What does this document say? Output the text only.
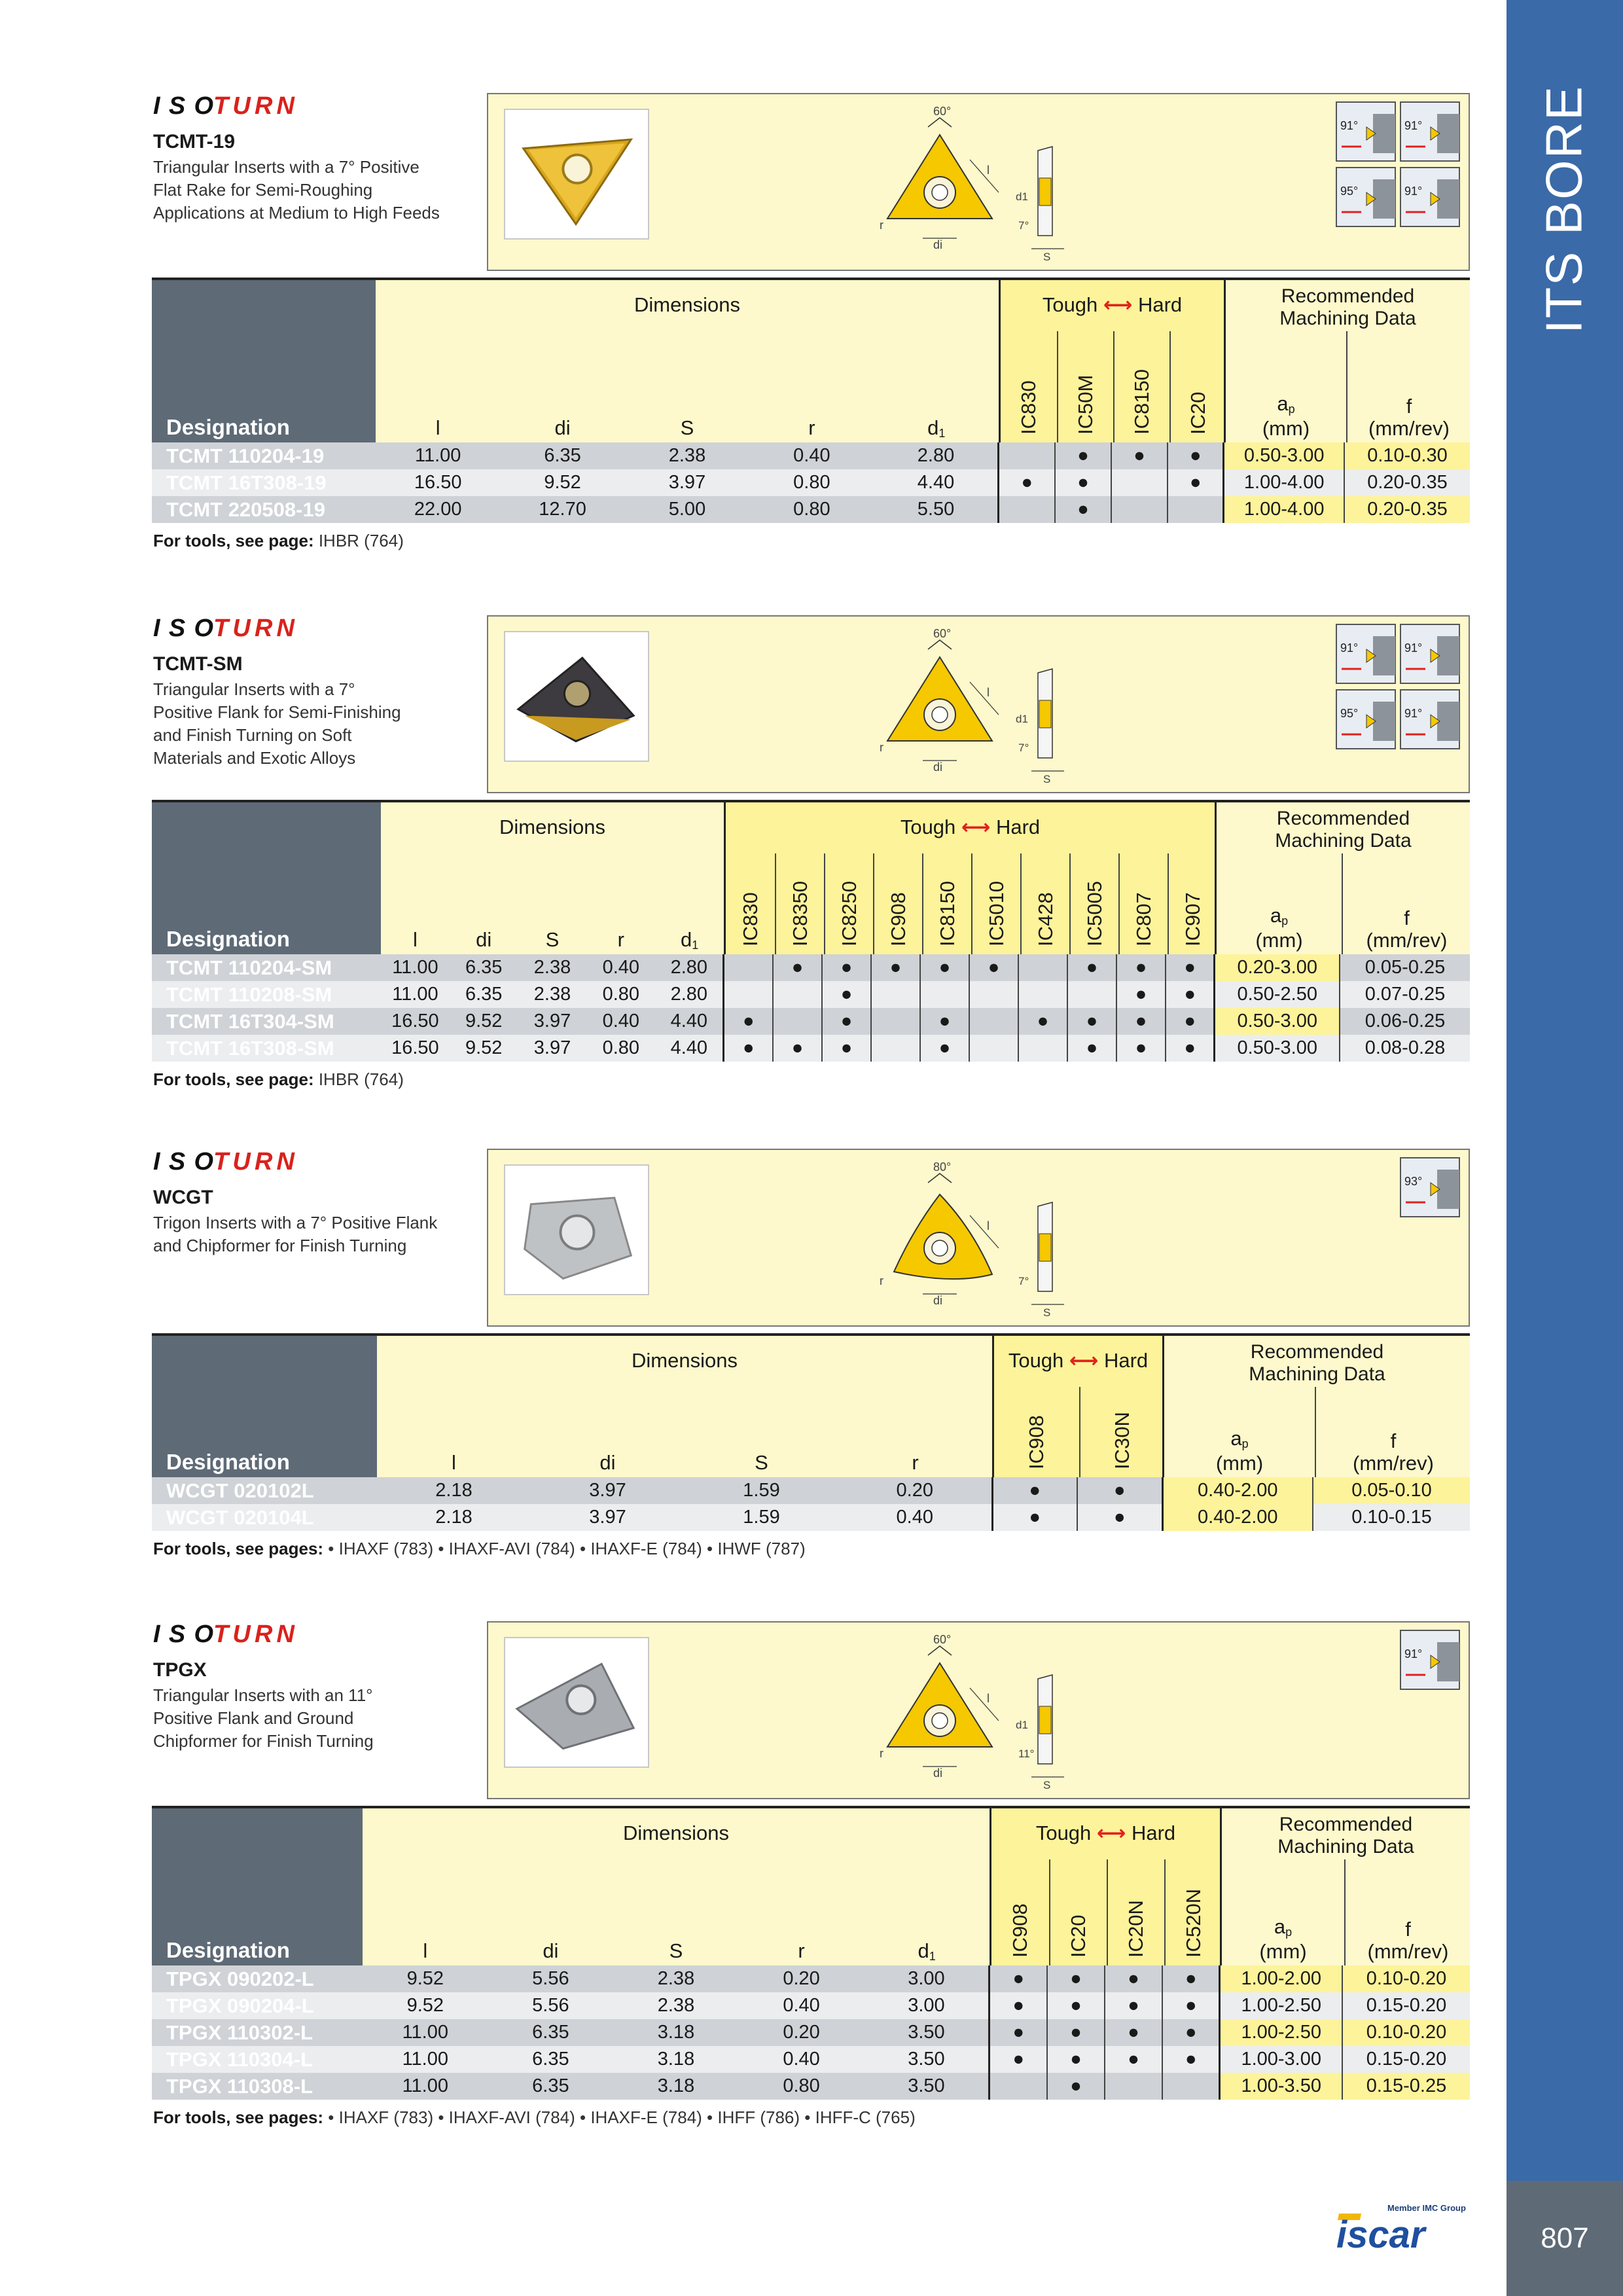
ITS BORE
807
Member IMC Group
iscar
ISO TURN
TCMT-19
Triangular Inserts with a 7° Positive
Flat Rake for Semi-Roughing
Applications at Medium to High Feeds
60°
l
r
di
d1
7°
S
91°	91°
95°	91°
Designation
Dimensions
l	di	S	r	$d_1$
Tough ⟷ Hard
IC830 IC50M IC8150 IC20
Recommended
Machining Data
$a_p$
(mm)
f
(mm/rev)
TCMT 110204-19	11.00	6.35	2.38	0.40	2.80		●	●	●	0.50-3.00	0.10-0.30
TCMT 16T308-19	16.50	9.52	3.97	0.80	4.40	●	●		●	1.00-4.00	0.20-0.35
TCMT 220508-19	22.00	12.70	5.00	0.80	5.50		●			1.00-4.00	0.20-0.35
For tools, see page: IHBR (764)
ISO TURN
TCMT-SM
Triangular Inserts with a 7°
Positive Flank for Semi-Finishing
and Finish Turning on Soft
Materials and Exotic Alloys
60°
l
r
di
d1
7°
S
91°	91°
95°	91°
Designation
Dimensions
l	di	S	r	$d_1$
Tough ⟷ Hard
IC830 IC8350 IC8250 IC908 IC8150 IC5010 IC428 IC5005 IC807 IC907
Recommended
Machining Data
$a_p$
(mm)
f
(mm/rev)
TCMT 110204-SM	11.00	6.35	2.38	0.40	2.80		●	●	●	●	●		●	●	●	0.20-3.00	0.05-0.25
TCMT 110208-SM	11.00	6.35	2.38	0.80	2.80			●						●	●	0.50-2.50	0.07-0.25
TCMT 16T304-SM	16.50	9.52	3.97	0.40	4.40	●		●		●		●	●	●	●	0.50-3.00	0.06-0.25
TCMT 16T308-SM	16.50	9.52	3.97	0.80	4.40	●	●	●		●			●	●	●	0.50-3.00	0.08-0.28
For tools, see page: IHBR (764)
ISO TURN
WCGT
Trigon Inserts with a 7° Positive Flank
and Chipformer for Finish Turning
80°
l
r
di
7°
S
93°
Designation
Dimensions
l	di	S	r
Tough ⟷ Hard
IC908	IC30N
Recommended
Machining Data
$a_p$
(mm)
f
(mm/rev)
WCGT 020102L	2.18	3.97	1.59	0.20	●	●	0.40-2.00	0.05-0.10
WCGT 020104L	2.18	3.97	1.59	0.40	●	●	0.40-2.00	0.10-0.15
For tools, see pages: • IHAXF (783) • IHAXF-AVI (784) • IHAXF-E (784) • IHWF (787)
ISO TURN
TPGX
Triangular Inserts with an 11°
Positive Flank and Ground
Chipformer for Finish Turning
60°
l
r
di
d1
11°
S
91°
Designation
Dimensions
l	di	S	r	$d_1$
Tough ⟷ Hard
IC908 IC20 IC20N IC520N
Recommended
Machining Data
$a_p$
(mm)
f
(mm/rev)
TPGX 090202-L	9.52	5.56	2.38	0.20	3.00	●	●	●	●	1.00-2.00	0.10-0.20
TPGX 090204-L	9.52	5.56	2.38	0.40	3.00	●	●	●	●	1.00-2.50	0.15-0.20
TPGX 110302-L	11.00	6.35	3.18	0.20	3.50	●	●	●	●	1.00-2.50	0.10-0.20
TPGX 110304-L	11.00	6.35	3.18	0.40	3.50	●	●	●	●	1.00-3.00	0.15-0.20
TPGX 110308-L	11.00	6.35	3.18	0.80	3.50		●			1.00-3.50	0.15-0.25
For tools, see pages: • IHAXF (783) • IHAXF-AVI (784) • IHAXF-E (784) • IHFF (786) • IHFF-C (765)
